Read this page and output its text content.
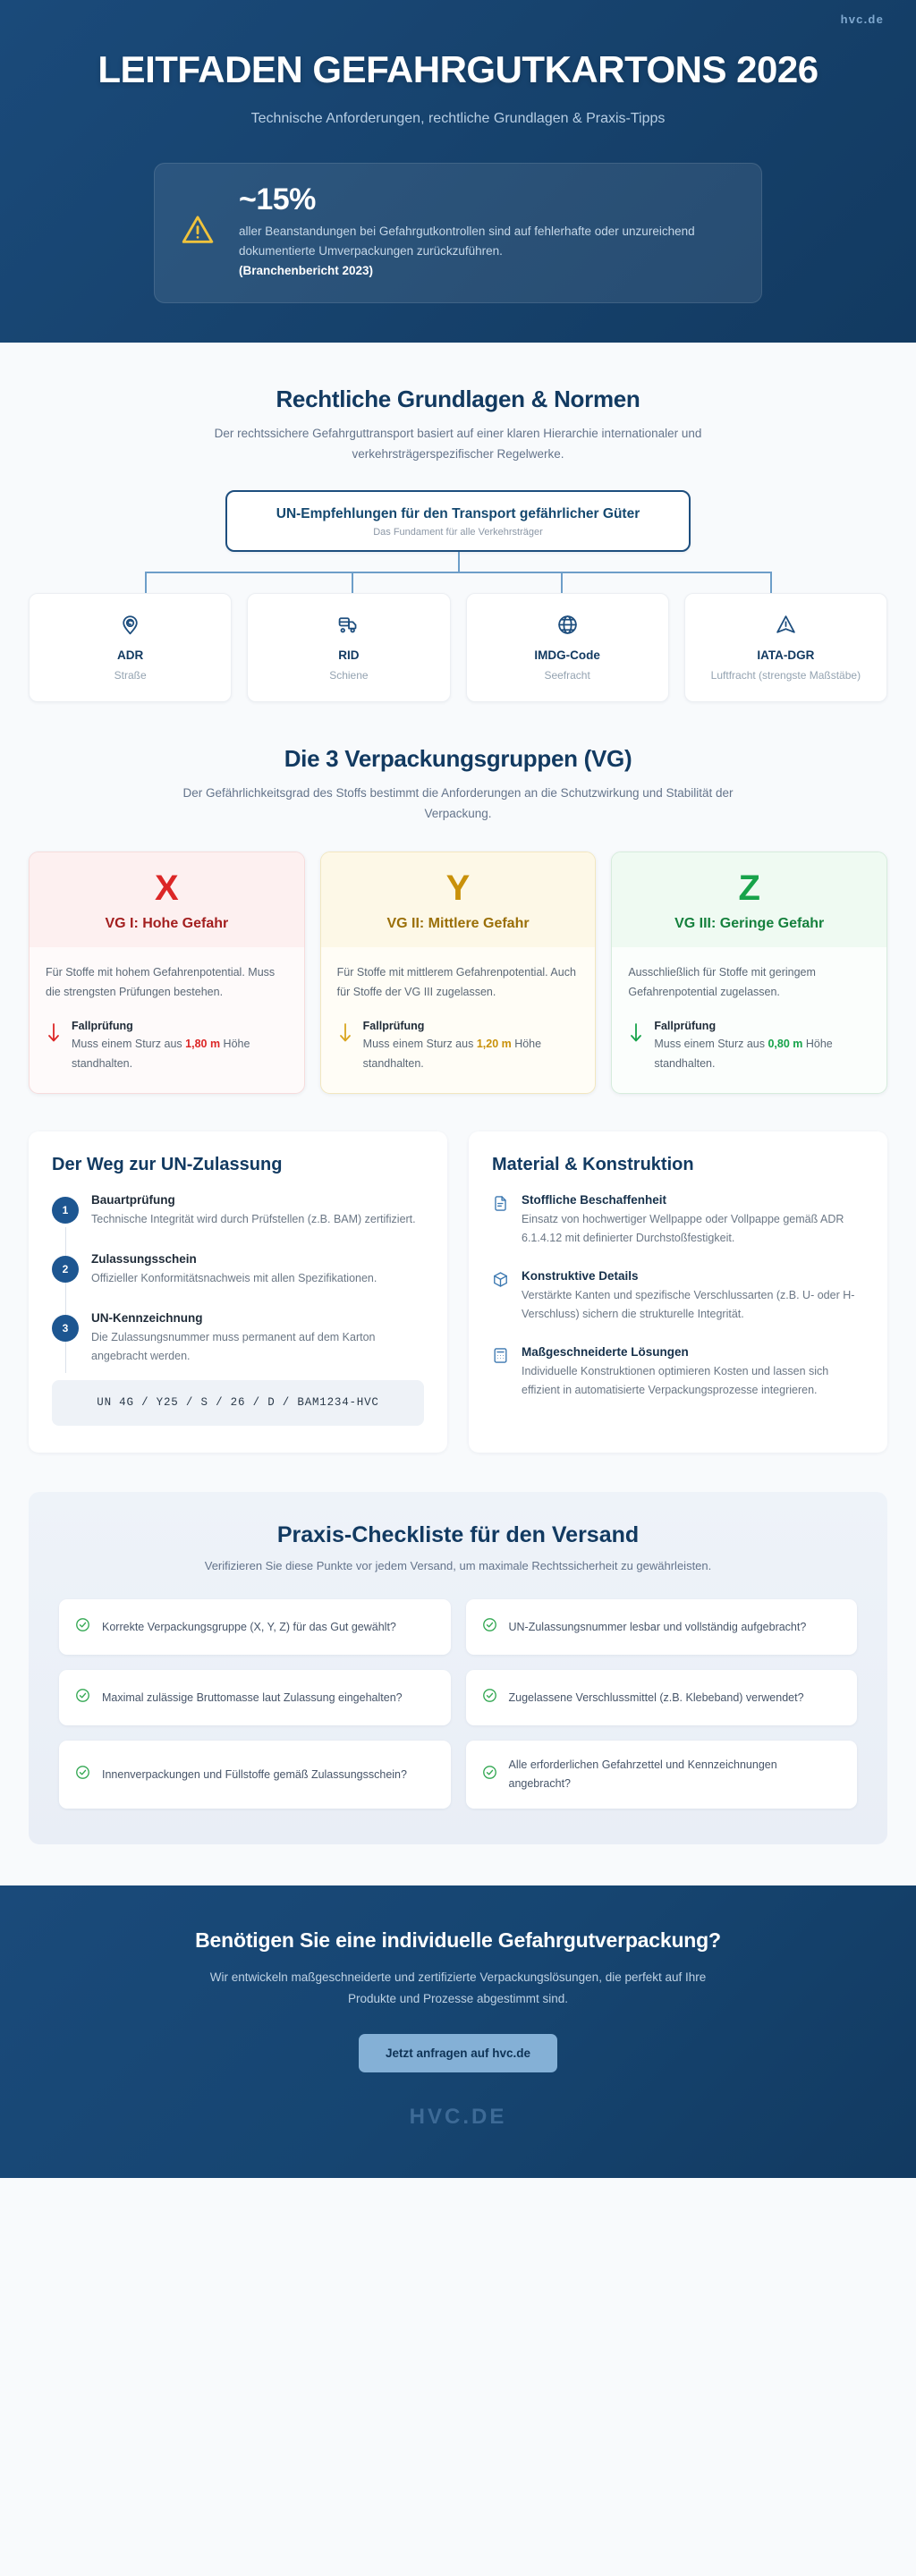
hvc.de
LEITFADEN GEFAHRGUTKARTONS 2026
Technische Anforderungen, rechtliche Grundlagen & Praxis-Tipps
~15%
aller Beanstandungen bei Gefahrgutkontrollen sind auf fehlerhafte oder unzureichend dokumentierte Umverpackungen zurückzuführen.
(Branchenbericht 2023)
Rechtliche Grundlagen & Normen
Der rechtssichere Gefahrguttransport basiert auf einer klaren Hierarchie internationaler und verkehrsträgerspezifischer Regelwerke.
UN-Empfehlungen für den Transport gefährlicher Güter
Das Fundament für alle Verkehrsträger
ADR
Straße
RID
Schiene
IMDG-Code
Seefracht
IATA-DGR
Luftfracht (strengste Maßstäbe)
Die 3 Verpackungsgruppen (VG)
Der Gefährlichkeitsgrad des Stoffs bestimmt die Anforderungen an die Schutzwirkung und Stabilität der Verpackung.
X
VG I: Hohe Gefahr
Für Stoffe mit hohem Gefahrenpotential. Muss die strengsten Prüfungen bestehen.
Fallprüfung
Muss einem Sturz aus 1,80 m Höhe standhalten.
Y
VG II: Mittlere Gefahr
Für Stoffe mit mittlerem Gefahrenpotential. Auch für Stoffe der VG III zugelassen.
Fallprüfung
Muss einem Sturz aus 1,20 m Höhe standhalten.
Z
VG III: Geringe Gefahr
Ausschließlich für Stoffe mit geringem Gefahrenpotential zugelassen.
Fallprüfung
Muss einem Sturz aus 0,80 m Höhe standhalten.
Der Weg zur UN-Zulassung
1
Bauartprüfung
Technische Integrität wird durch Prüfstellen (z.B. BAM) zertifiziert.
2
Zulassungsschein
Offizieller Konformitätsnachweis mit allen Spezifikationen.
3
UN-Kennzeichnung
Die Zulassungsnummer muss permanent auf dem Karton angebracht werden.
UN 4G / Y25 / S / 26 / D / BAM1234-HVC
Material & Konstruktion
Stoffliche Beschaffenheit
Einsatz von hochwertiger Wellpappe oder Vollpappe gemäß ADR 6.1.4.12 mit definierter Durchstoßfestigkeit.
Konstruktive Details
Verstärkte Kanten und spezifische Verschlussarten (z.B. U- oder H-Verschluss) sichern die strukturelle Integrität.
Maßgeschneiderte Lösungen
Individuelle Konstruktionen optimieren Kosten und lassen sich effizient in automatisierte Verpackungsprozesse integrieren.
Praxis-Checkliste für den Versand
Verifizieren Sie diese Punkte vor jedem Versand, um maximale Rechtssicherheit zu gewährleisten.
Korrekte Verpackungsgruppe (X, Y, Z) für das Gut gewählt?	UN-Zulassungsnummer lesbar und vollständig aufgebracht?
Maximal zulässige Bruttomasse laut Zulassung eingehalten?	Zugelassene Verschlussmittel (z.B. Klebeband) verwendet?
Innenverpackungen und Füllstoffe gemäß Zulassungsschein?
Alle erforderlichen Gefahrzettel und Kennzeichnungen angebracht?
Benötigen Sie eine individuelle Gefahrgutverpackung?
Wir entwickeln maßgeschneiderte und zertifizierte Verpackungslösungen, die perfekt auf Ihre Produkte und Prozesse abgestimmt sind.
Jetzt anfragen auf hvc.de
HVC.DE
